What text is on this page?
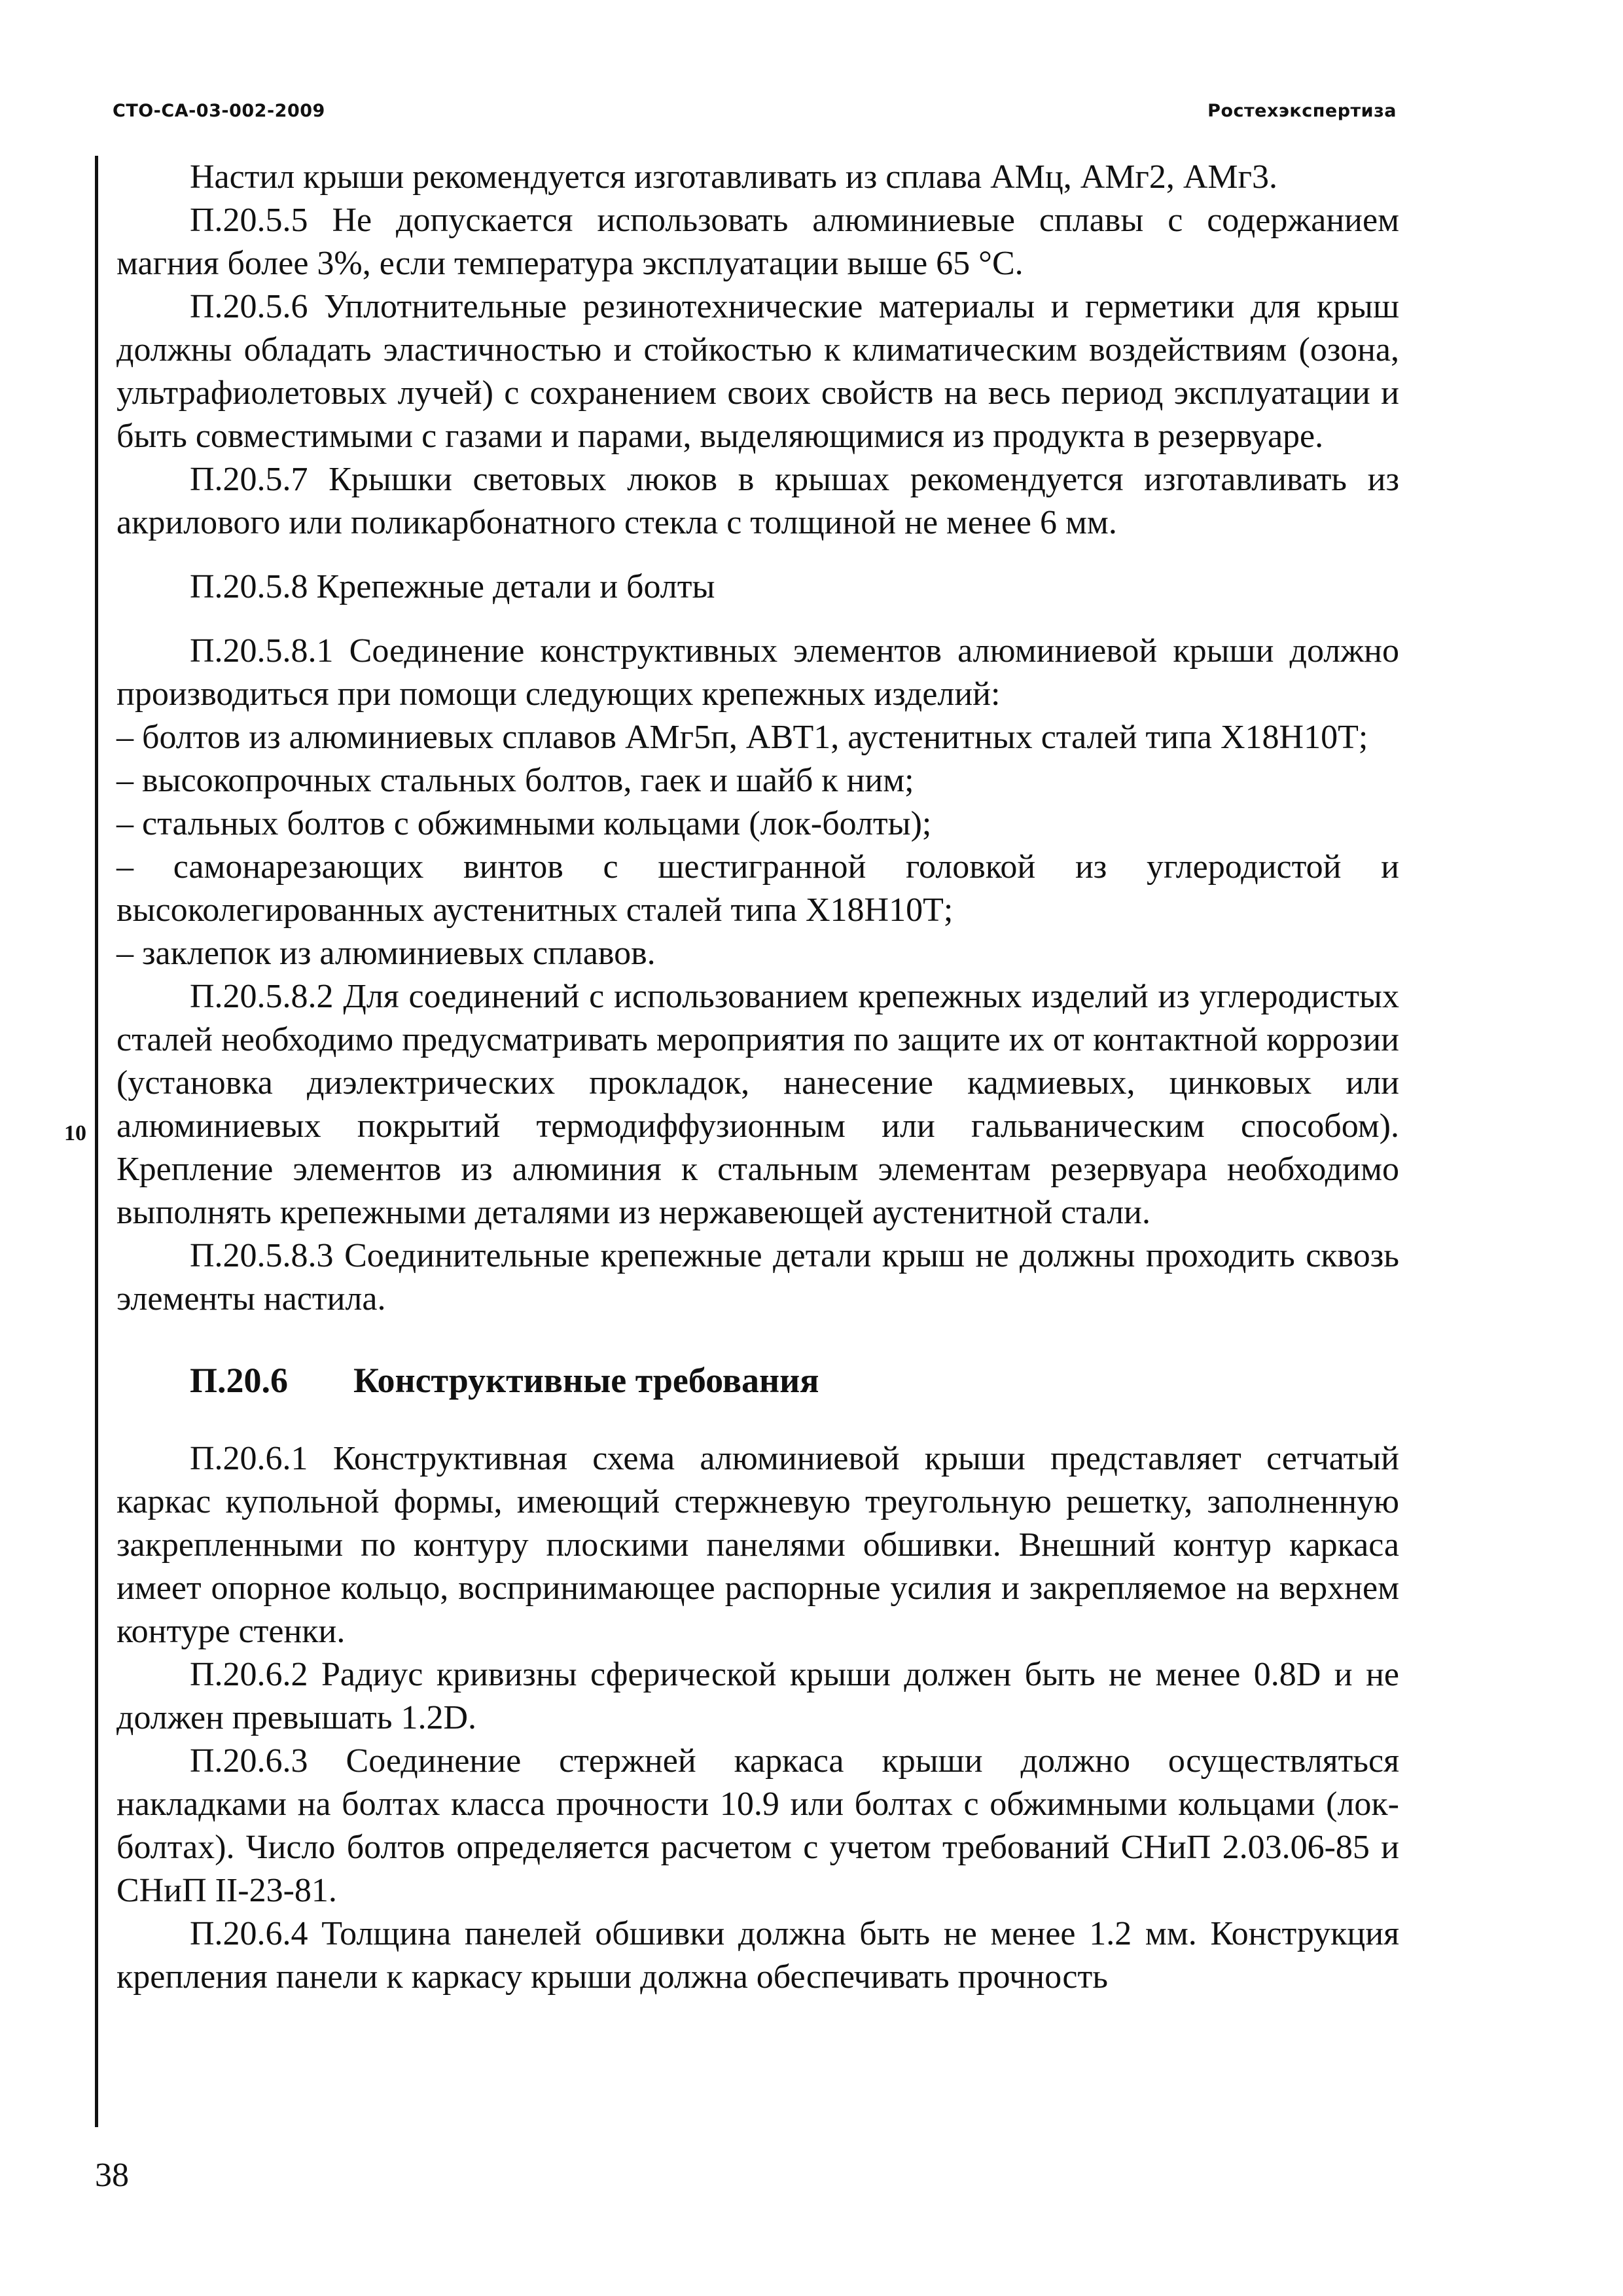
СТО-СА-03-002-2009	Ростехэкспертиза
10

Настил крыши рекомендуется изготавливать из сплава АМц, АМг2, АМг3.

П.20.5.5 Не допускается использовать алюминиевые сплавы с содержанием магния более 3%, если температура эксплуатации выше 65 °С.

П.20.5.6 Уплотнительные резинотехнические материалы и герметики для крыш должны обладать эластичностью и стойкостью к климатическим воздействиям (озона, ультрафиолетовых лучей) с сохранением своих свойств на весь период эксплуатации и быть совместимыми с газами и парами, выделяющимися из продукта в резервуаре.

П.20.5.7 Крышки световых люков в крышах рекомендуется изготавливать из акрилового или поликарбонатного стекла с толщиной не менее 6 мм.

П.20.5.8 Крепежные детали и болты

П.20.5.8.1 Соединение конструктивных элементов алюминиевой крыши должно производиться при помощи следующих крепежных изделий:

– болтов из алюминиевых сплавов АМг5п, АВТ1, аустенитных сталей типа Х18Н10Т;

– высокопрочных стальных болтов, гаек и шайб к ним;

– стальных болтов с обжимными кольцами (лок-болты);

– самонарезающих винтов с шестигранной головкой из углеродистой и высоколегированных аустенитных сталей типа Х18Н10Т;

– заклепок из алюминиевых сплавов.

П.20.5.8.2 Для соединений с использованием крепежных изделий из углеродистых сталей необходимо предусматривать мероприятия по защите их от контактной коррозии (установка диэлектрических прокладок, нанесение кадмиевых, цинковых или алюминиевых покрытий термодиффузионным или гальваническим способом). Крепление элементов из алюминия к стальным элементам резервуара необходимо выполнять крепежными деталями из нержавеющей аустенитной стали.

П.20.5.8.3 Соединительные крепежные детали крыш не должны проходить сквозь элементы настила.

П.20.6 Конструктивные требования

П.20.6.1 Конструктивная схема алюминиевой крыши представляет сетчатый каркас купольной формы, имеющий стержневую треугольную решетку, заполненную закрепленными по контуру плоскими панелями обшивки. Внешний контур каркаса имеет опорное кольцо, воспринимающее распорные усилия и закрепляемое на верхнем контуре стенки.

П.20.6.2 Радиус кривизны сферической крыши должен быть не менее 0.8D и не должен превышать 1.2D.

П.20.6.3 Соединение стержней каркаса крыши должно осуществляться накладками на болтах класса прочности 10.9 или болтах с обжимными кольцами (лок-болтах). Число болтов определяется расчетом с учетом требований СНиП 2.03.06-85 и СНиП II-23-81.

П.20.6.4 Толщина панелей обшивки должна быть не менее 1.2 мм. Конструкция крепления панели к каркасу крыши должна обеспечивать прочность

38
